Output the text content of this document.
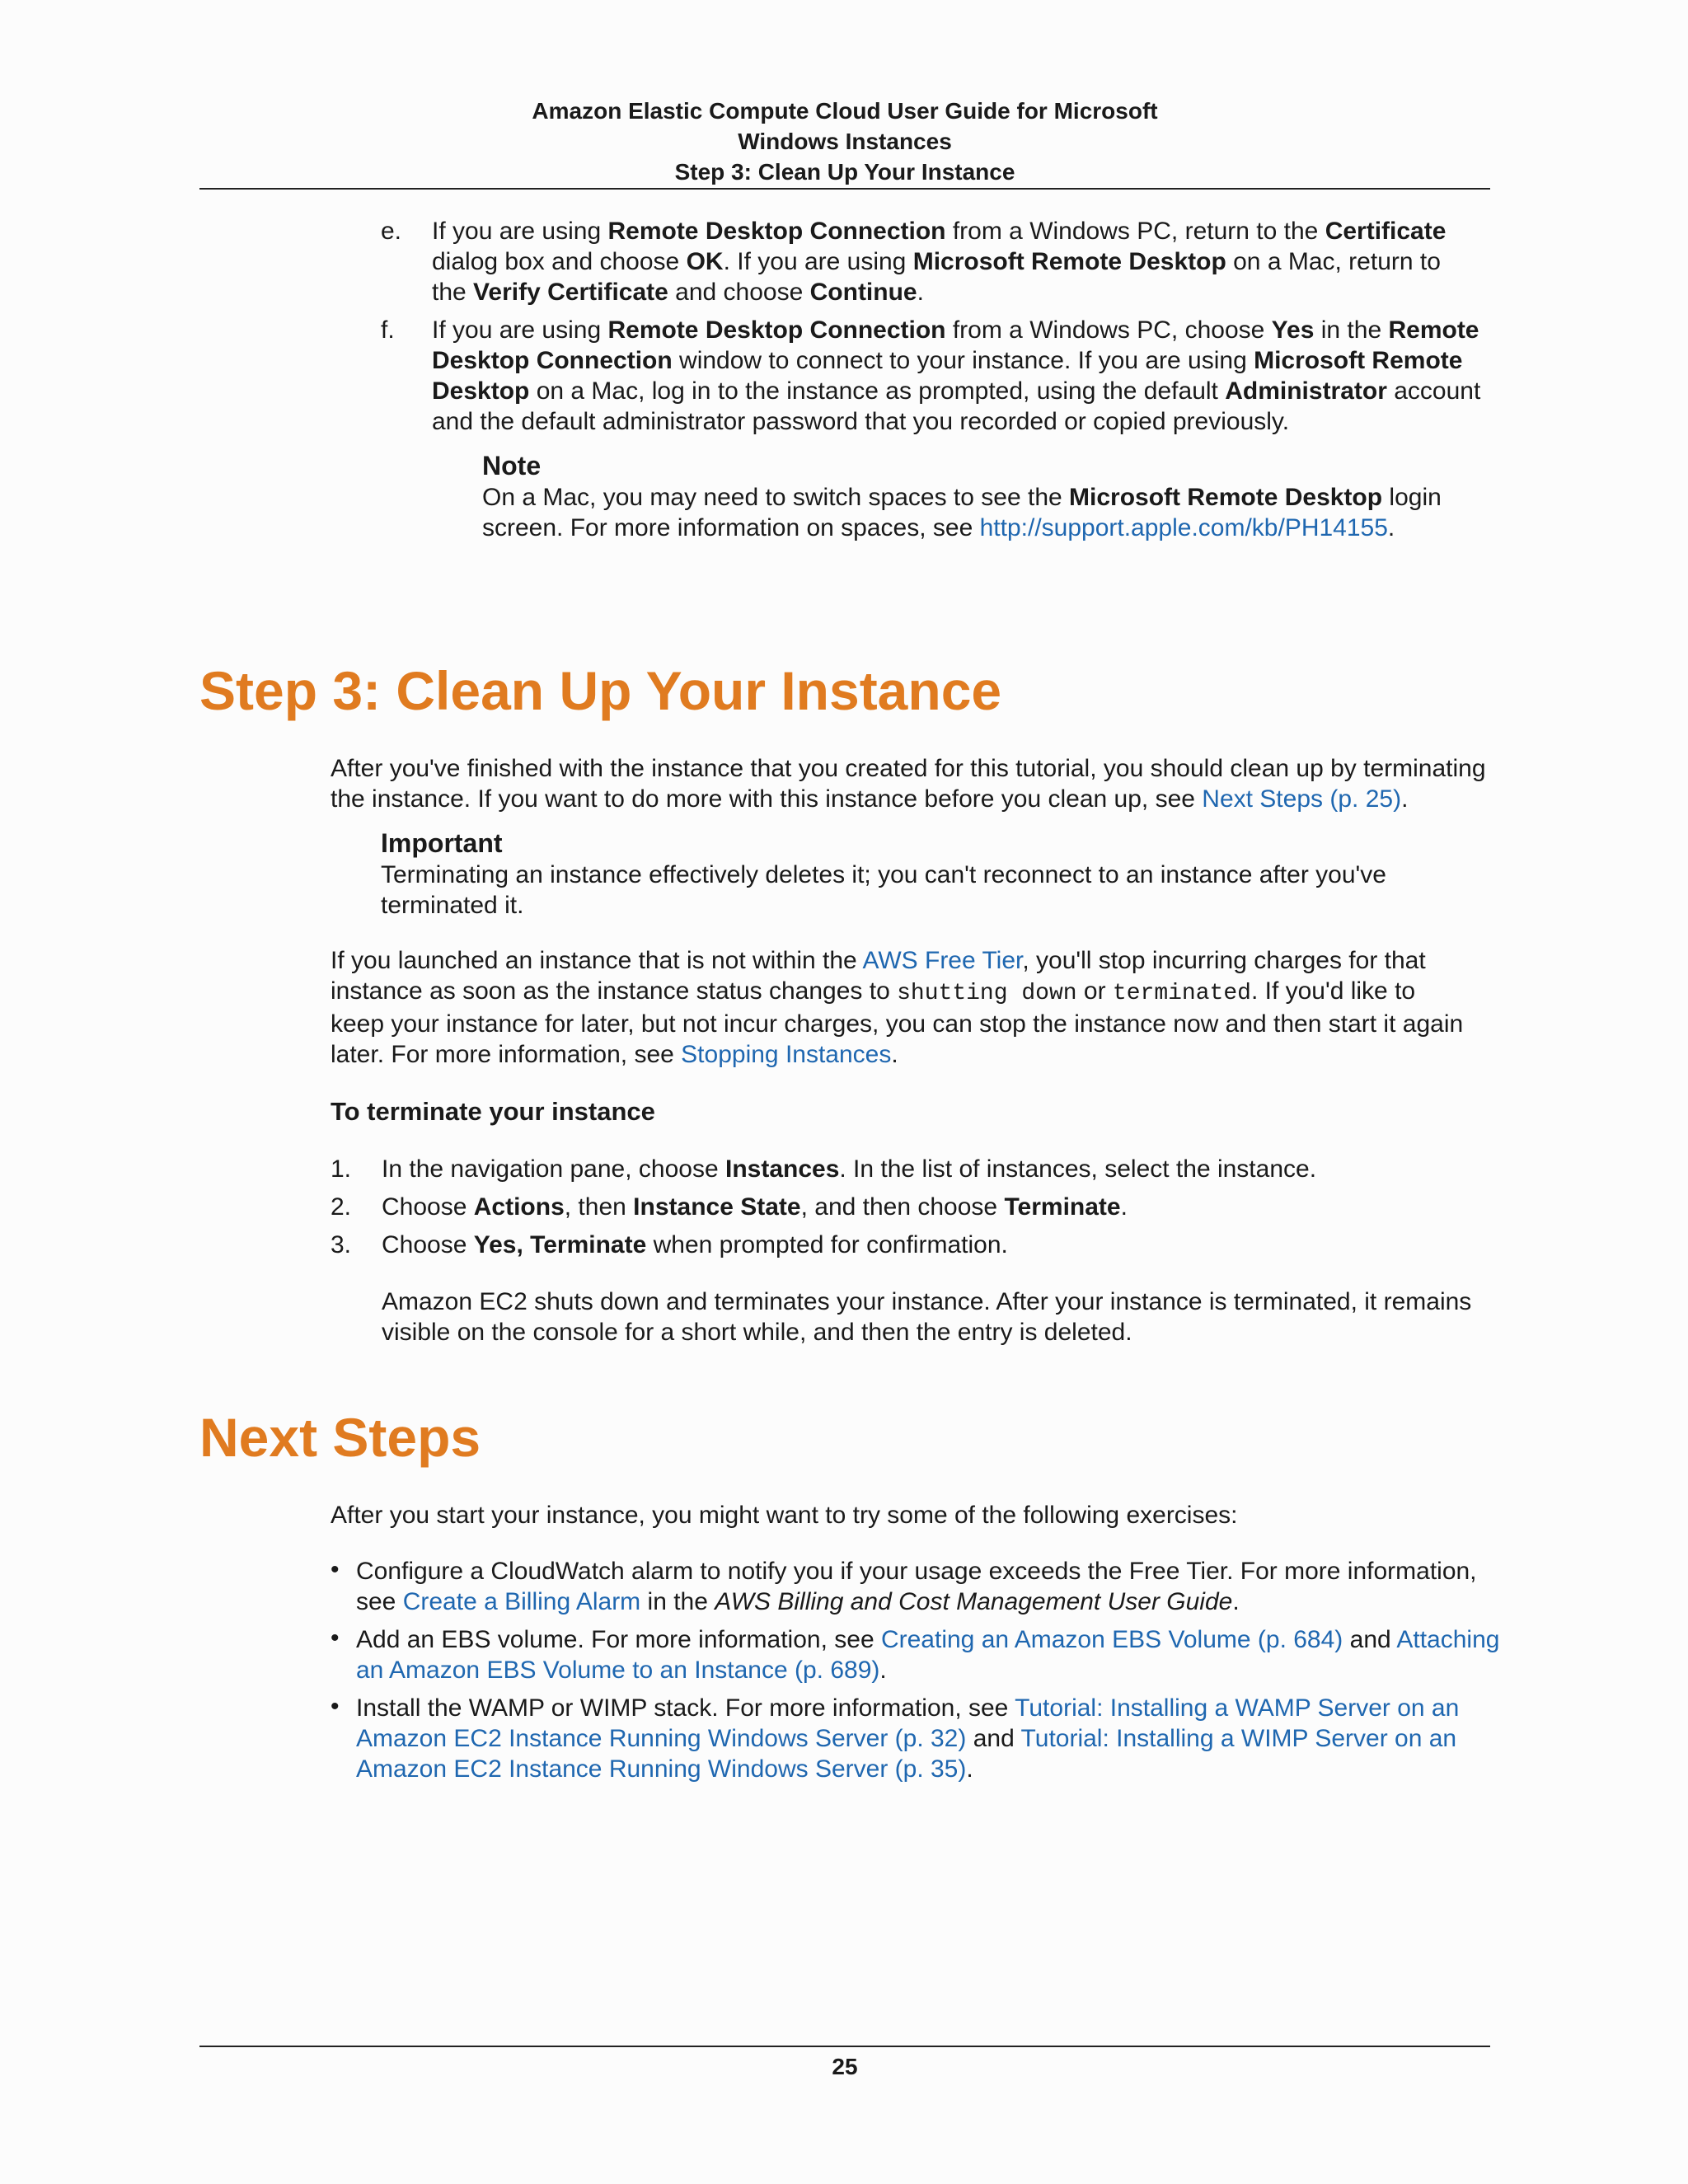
Amazon Elastic Compute Cloud User Guide for Microsoft
Windows Instances
Step 3: Clean Up Your Instance
e. If you are using Remote Desktop Connection from a Windows PC, return to the Certificate
dialog box and choose OK. If you are using Microsoft Remote Desktop on a Mac, return to
the Verify Certificate and choose Continue.
f. If you are using Remote Desktop Connection from a Windows PC, choose Yes in the Remote
Desktop Connection window to connect to your instance. If you are using Microsoft Remote
Desktop on a Mac, log in to the instance as prompted, using the default Administrator account
and the default administrator password that you recorded or copied previously.
Note
On a Mac, you may need to switch spaces to see the Microsoft Remote Desktop login
screen. For more information on spaces, see http://support.apple.com/kb/PH14155.
Step 3: Clean Up Your Instance
After you've finished with the instance that you created for this tutorial, you should clean up by terminating
the instance. If you want to do more with this instance before you clean up, see Next Steps (p. 25).
Important
Terminating an instance effectively deletes it; you can't reconnect to an instance after you've
terminated it.
If you launched an instance that is not within the AWS Free Tier, you'll stop incurring charges for that
instance as soon as the instance status changes to shutting down or terminated. If you'd like to
keep your instance for later, but not incur charges, you can stop the instance now and then start it again
later. For more information, see Stopping Instances.
To terminate your instance
1. In the navigation pane, choose Instances. In the list of instances, select the instance.
2. Choose Actions, then Instance State, and then choose Terminate.
3. Choose Yes, Terminate when prompted for confirmation.
Amazon EC2 shuts down and terminates your instance. After your instance is terminated, it remains
visible on the console for a short while, and then the entry is deleted.
Next Steps
After you start your instance, you might want to try some of the following exercises:
• Configure a CloudWatch alarm to notify you if your usage exceeds the Free Tier. For more information,
see Create a Billing Alarm in the AWS Billing and Cost Management User Guide.
• Add an EBS volume. For more information, see Creating an Amazon EBS Volume (p. 684) and Attaching
an Amazon EBS Volume to an Instance (p. 689).
• Install the WAMP or WIMP stack. For more information, see Tutorial: Installing a WAMP Server on an
Amazon EC2 Instance Running Windows Server (p. 32) and Tutorial: Installing a WIMP Server on an
Amazon EC2 Instance Running Windows Server (p. 35).
25
